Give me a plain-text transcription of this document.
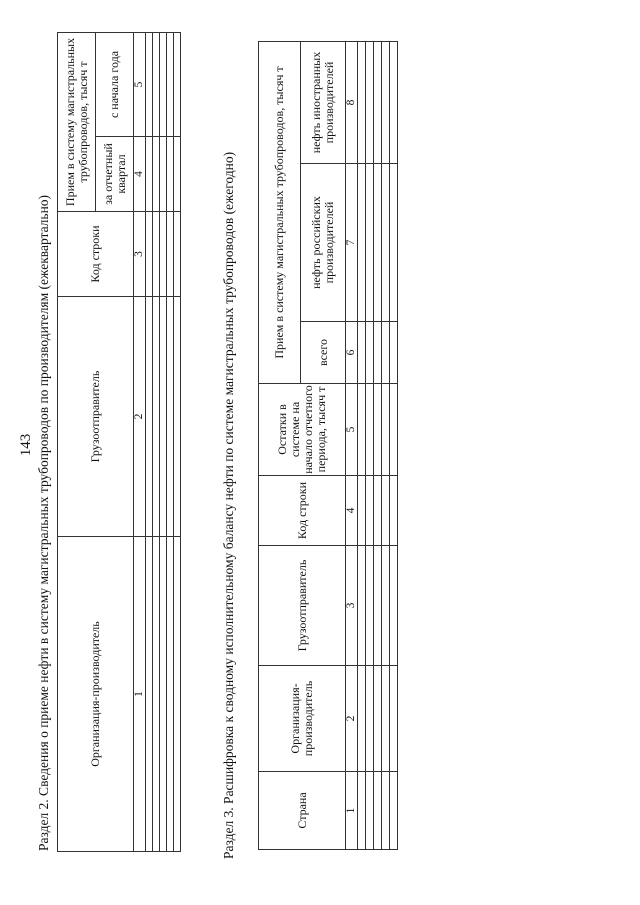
143 Раздел 2. Сведения о приеме нефти в систему магистральных трубопроводов по производителям (ежеквартально)	Организация-производитель	Грузоотправитель	Код строки	Прием в систему магистральных трубопроводов, тысяч т	
			за отчетный квартал	с начала года
1	2	3	4	5

Раздел 3. Расшифровка к сводному исполнительному балансу нефти по системе магистральных трубопроводов (ежегодно)	Страна	Организация-производитель	Грузоотправитель	Код строки	Остатки в системе на начало отчетного периода, тысяч т	Прием в систему магистральных трубопроводов, тысяч т		
					всего	нефть российских производителей	нефть иностранных производителей
1	2	3	4	5	6	7	8
